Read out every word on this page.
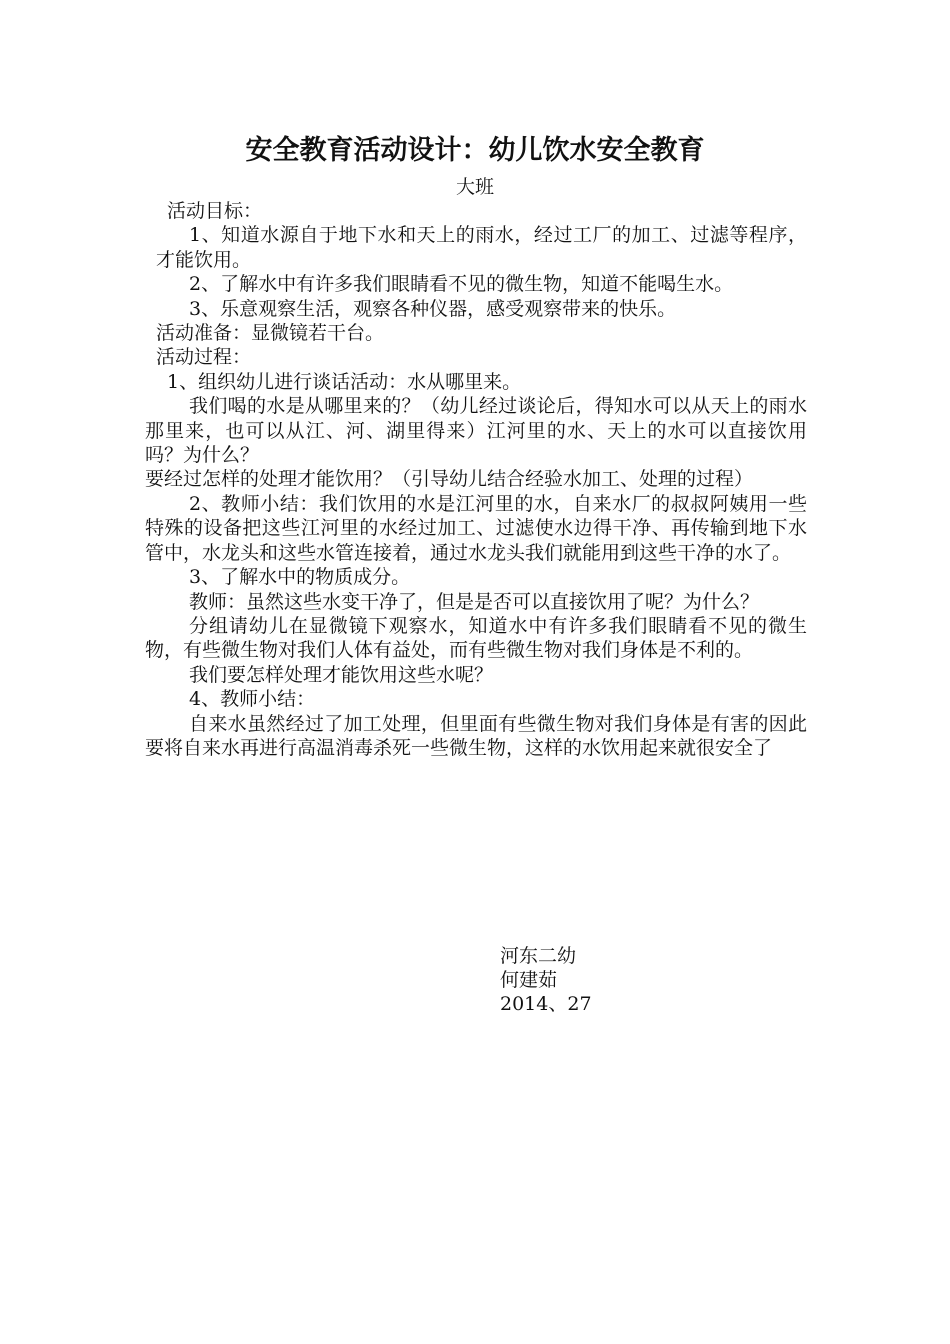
安全教育活动设计：幼儿饮水安全教育
大班

活动目标：

1、知道水源自于地下水和天上的雨水，经过工厂的加工、过滤等程序，才能饮用。

2、了解水中有许多我们眼睛看不见的微生物，知道不能喝生水。

3、乐意观察生活，观察各种仪器，感受观察带来的快乐。

活动准备：显微镜若干台。

活动过程：

1、组织幼儿进行谈话活动：水从哪里来。

我们喝的水是从哪里来的？（幼儿经过谈论后，得知水可以从天上的雨水那里来，也可以从江、河、湖里得来）江河里的水、天上的水可以直接饮用吗？为什么？

要经过怎样的处理才能饮用？（引导幼儿结合经验水加工、处理的过程）

2、教师小结：我们饮用的水是江河里的水，自来水厂的叔叔阿姨用一些特殊的设备把这些江河里的水经过加工、过滤使水边得干净、再传输到地下水管中，水龙头和这些水管连接着，通过水龙头我们就能用到这些干净的水了。

3、了解水中的物质成分。

教师：虽然这些水变干净了，但是是否可以直接饮用了呢？为什么？

分组请幼儿在显微镜下观察水，知道水中有许多我们眼睛看不见的微生物，有些微生物对我们人体有益处，而有些微生物对我们身体是不利的。

我们要怎样处理才能饮用这些水呢？

4、教师小结：

自来水虽然经过了加工处理，但里面有些微生物对我们身体是有害的因此要将自来水再进行高温消毒杀死一些微生物，这样的水饮用起来就很安全了

河东二幼
何建茹
2014、27
